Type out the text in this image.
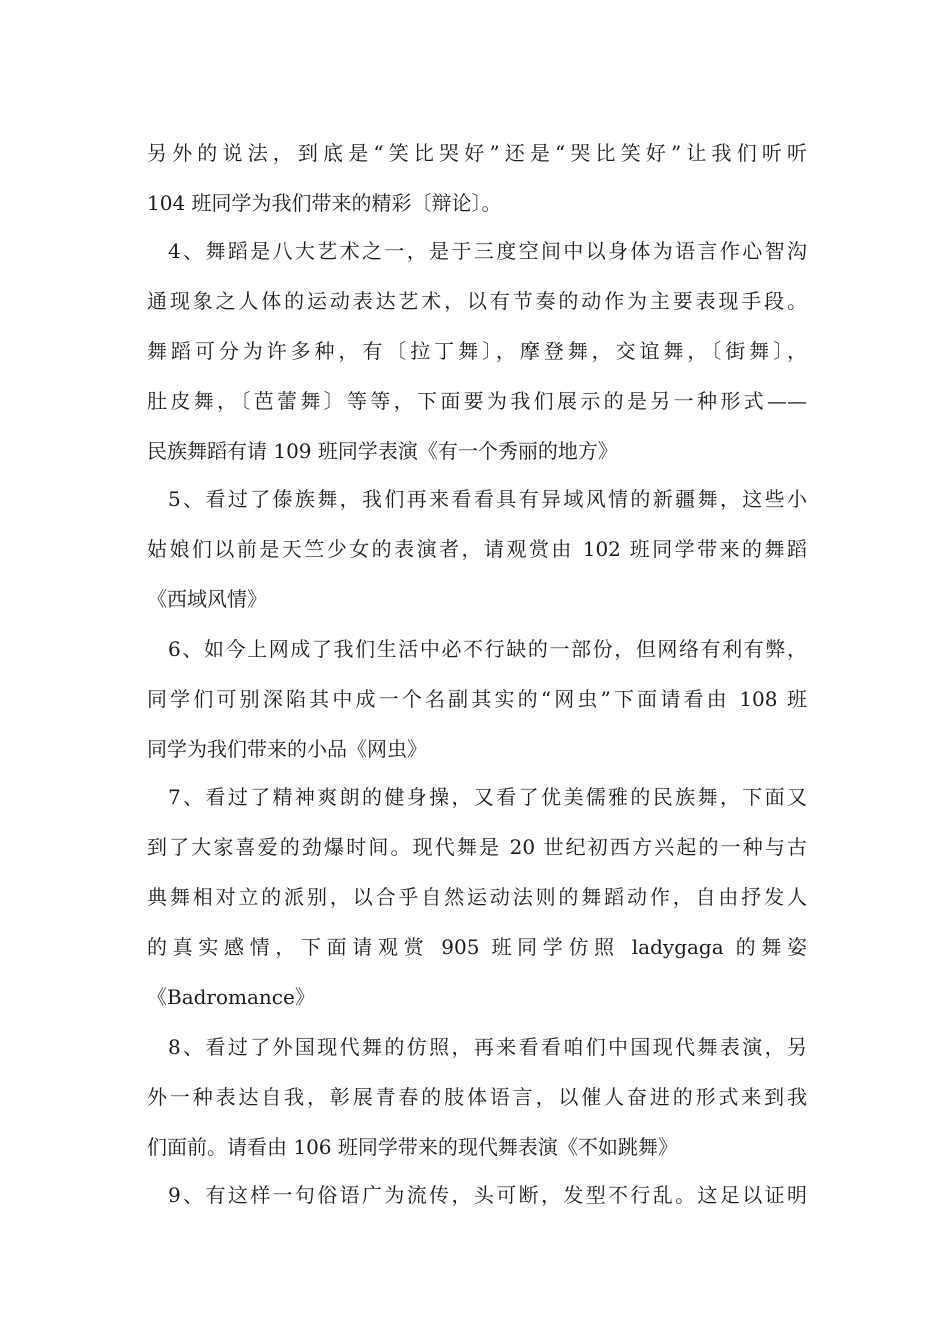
另外的说法，到底是“笑比哭好”还是“哭比笑好”让我们听听
104 班同学为我们带来的精彩〔辩论〕。
4、舞蹈是八大艺术之一，是于三度空间中以身体为语言作心智沟
通现象之人体的运动表达艺术，以有节奏的动作为主要表现手段。
舞蹈可分为许多种，有〔拉丁舞〕，摩登舞，交谊舞，〔街舞〕，
肚皮舞，〔芭蕾舞〕等等，下面要为我们展示的是另一种形式——
民族舞蹈有请 109 班同学表演《有一个秀丽的地方》
5、看过了傣族舞，我们再来看看具有异域风情的新疆舞，这些小
姑娘们以前是天竺少女的表演者，请观赏由 102 班同学带来的舞蹈
《西域风情》
6、如今上网成了我们生活中必不行缺的一部份，但网络有利有弊，
同学们可别深陷其中成一个名副其实的“网虫”下面请看由 108 班
同学为我们带来的小品《网虫》
7、看过了精神爽朗的健身操，又看了优美儒雅的民族舞，下面又
到了大家喜爱的劲爆时间。现代舞是 20 世纪初西方兴起的一种与古
典舞相对立的派别，以合乎自然运动法则的舞蹈动作，自由抒发人
的真实感情，下面请观赏 905 班同学仿照 ladygaga 的舞姿
《Badromance》
8、看过了外国现代舞的仿照，再来看看咱们中国现代舞表演，另
外一种表达自我，彰展青春的肢体语言，以催人奋进的形式来到我
们面前。请看由 106 班同学带来的现代舞表演《不如跳舞》
9、有这样一句俗语广为流传，头可断，发型不行乱。这足以证明
